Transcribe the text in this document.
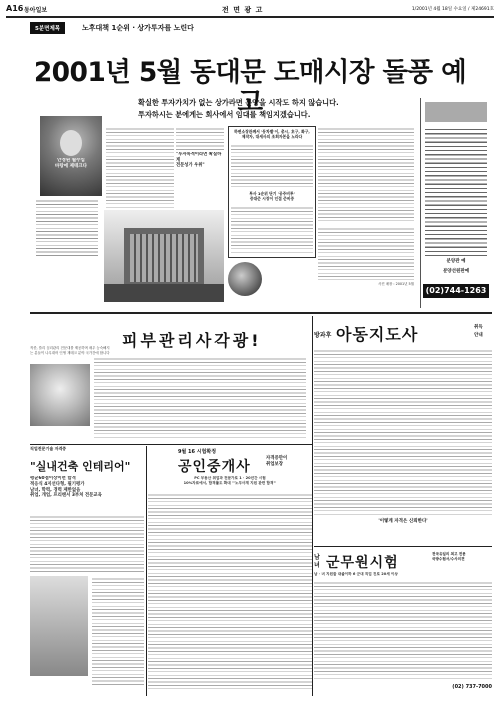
A16 동아일보	전 면 광 고	1/2001년 4월 18일 수요일 / 제24691호
5분면제목	노후대책 1순위 · 상가투자를 노린다
2001년 5월 동대문 도매시장 돌풍 예고
확실한 투자가치가 없는 상가라면 분양을 시작도 하지 않습니다.
투자하시는 분에게는 회사에서 임대를 책임지겠습니다.
안정된 월수입
바탕에 제테크다
"투자목적이라면 확실하게
전문성가 우위"
하변소장관께서 '동차별'이, 총시, 호구, 화구,
제작자, 대세사의 조회자본을 노라다
투사 1순위 단기 '공주비투'
증대준 시장이 인접 준비중
사진 매장 : 2001년 5월
분양관 예
분양선원판예
(02)744-1263
피부관리사각광!
직종, 뜰리 심리관리 전문대를 제공하며 매우 능숙해지는 분들이 나무대어 인생 재테크 분야 국가간에 합니다
방과후 아동지도사	취득
안내
'이렇게 자격은 신뢰한다'
직업전문기술 자격증
"실내건축 인테리어"
평균60점이상이면 합격
적응식 4지선다형, 필기평가
남녀, 학력, 경력 제한없음
취업, 개업, 프리랜서 3부처 전문교육
9월 16 시험확정
공인중개사
자격증만이
취업보장
PC 부동산 취업과 전문가로 1 · 20년간 시험
10%자료에서, 합격률도 확대 '"노무사계 지원 관련 합격"'
남 녀 군무원시험
전국유일의 최고 전문
국방수험서/수사의견
남 · 녀 지원들 대졸이하 6 군대 직업 진로 20세 이상
(02) 737-7000
